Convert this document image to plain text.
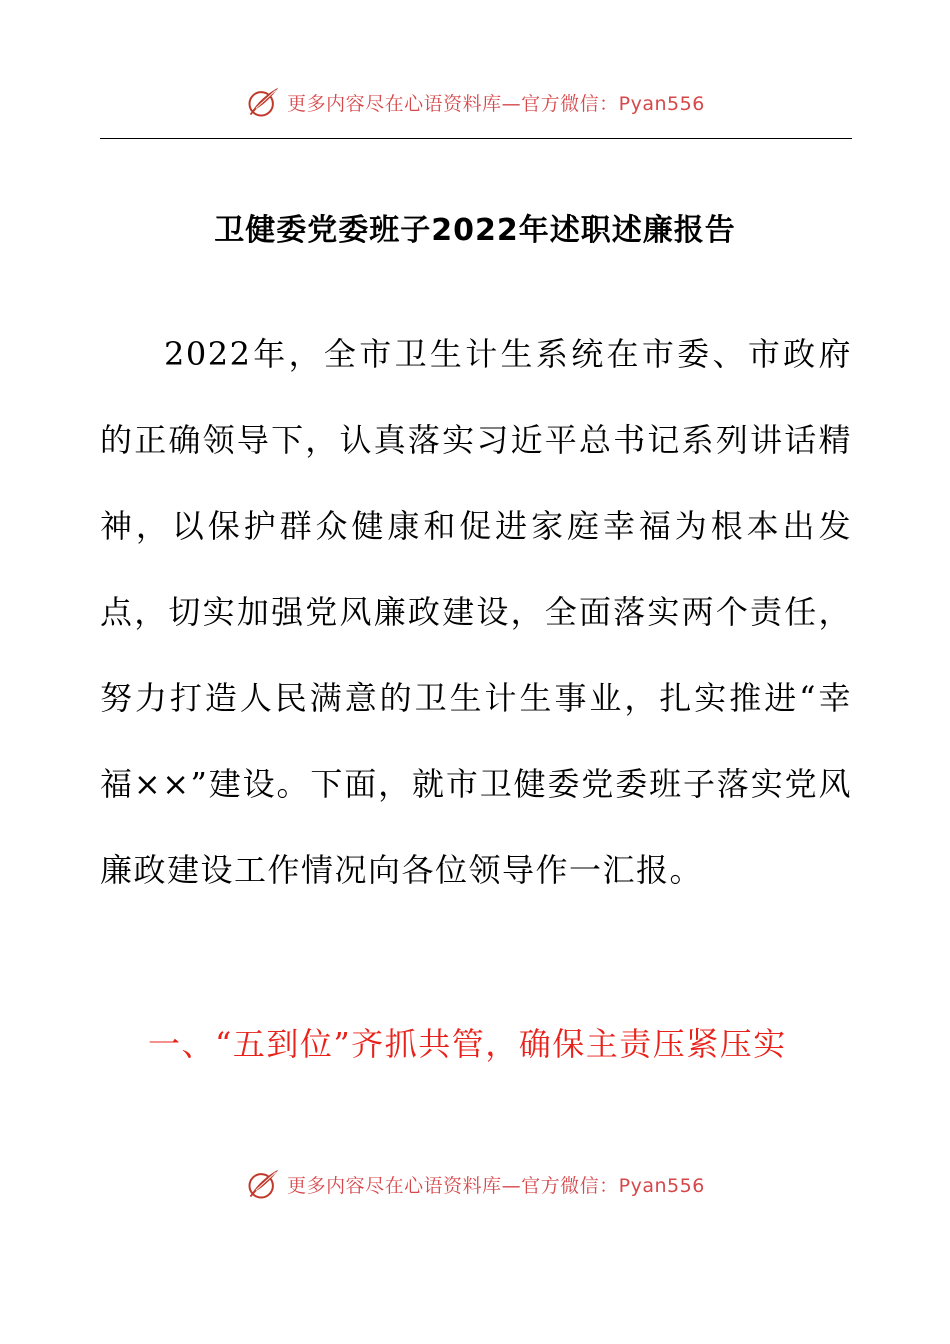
更多内容尽在心语资料库—官方微信：Pyan556
卫健委党委班子2022年述职述廉报告

2022年，全市卫生计生系统在市委、市政府的正确领导下，认真落实习近平总书记系列讲话精神，以保护群众健康和促进家庭幸福为根本出发点，切实加强党风廉政建设，全面落实两个责任，努力打造人民满意的卫生计生事业，扎实推进“幸福××”建设。下面，就市卫健委党委班子落实党风廉政建设工作情况向各位领导作一汇报。

一、“五到位”齐抓共管，确保主责压紧压实

更多内容尽在心语资料库—官方微信：Pyan556
